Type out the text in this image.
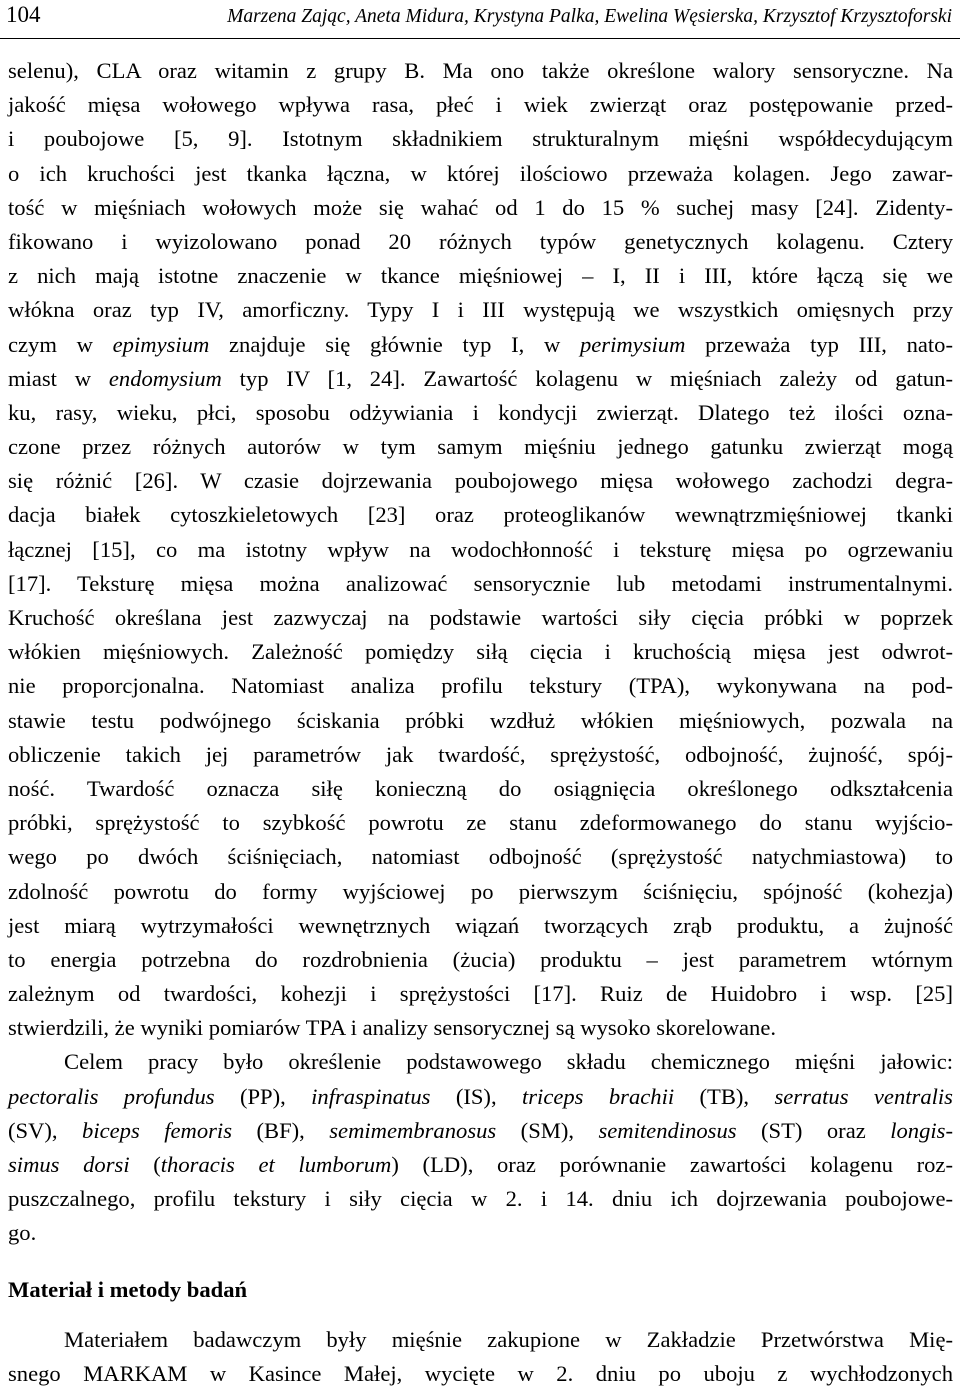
104	Marzena Zając, Aneta Midura, Krystyna Palka, Ewelina Węsierska, Krzysztof Krzysztoforski
selenu), CLA oraz witamin z grupy B. Ma ono także określone walory sensoryczne. Na
jakość mięsa wołowego wpływa rasa, płeć i wiek zwierząt oraz postępowanie przed-
i poubojowe [5, 9]. Istotnym składnikiem strukturalnym mięśni współdecydującym
o ich kruchości jest tkanka łączna, w której ilościowo przeważa kolagen. Jego zawar-
tość w mięśniach wołowych może się wahać od 1 do 15 % suchej masy [24]. Zidenty-
fikowano i wyizolowano ponad 20 różnych typów genetycznych kolagenu. Cztery
z nich mają istotne znaczenie w tkance mięśniowej – I, II i III, które łączą się we
włókna oraz typ IV, amorficzny. Typy I i III występują we wszystkich omięsnych przy
czym w epimysium znajduje się głównie typ I, w perimysium przeważa typ III, nato-
miast w endomysium typ IV [1, 24]. Zawartość kolagenu w mięśniach zależy od gatun-
ku, rasy, wieku, płci, sposobu odżywiania i kondycji zwierząt. Dlatego też ilości ozna-
czone przez różnych autorów w tym samym mięśniu jednego gatunku zwierząt mogą
się różnić [26]. W czasie dojrzewania poubojowego mięsa wołowego zachodzi degra-
dacja białek cytoszkieletowych [23] oraz proteoglikanów wewnątrzmięśniowej tkanki
łącznej [15], co ma istotny wpływ na wodochłonność i teksturę mięsa po ogrzewaniu
[17]. Teksturę mięsa można analizować sensorycznie lub metodami instrumentalnymi.
Kruchość określana jest zazwyczaj na podstawie wartości siły cięcia próbki w poprzek
włókien mięśniowych. Zależność pomiędzy siłą cięcia i kruchością mięsa jest odwrot-
nie proporcjonalna. Natomiast analiza profilu tekstury (TPA), wykonywana na pod-
stawie testu podwójnego ściskania próbki wzdłuż włókien mięśniowych, pozwala na
obliczenie takich jej parametrów jak twardość, sprężystość, odbojność, żujność, spój-
ność. Twardość oznacza siłę konieczną do osiągnięcia określonego odkształcenia
próbki, sprężystość to szybkość powrotu ze stanu zdeformowanego do stanu wyjścio-
wego po dwóch ściśnięciach, natomiast odbojność (sprężystość natychmiastowa) to
zdolność powrotu do formy wyjściowej po pierwszym ściśnięciu, spójność (kohezja)
jest miarą wytrzymałości wewnętrznych wiązań tworzących zrąb produktu, a żujność
to energia potrzebna do rozdrobnienia (żucia) produktu – jest parametrem wtórnym
zależnym od twardości, kohezji i sprężystości [17]. Ruiz de Huidobro i wsp. [25]
stwierdzili, że wyniki pomiarów TPA i analizy sensorycznej są wysoko skorelowane.
Celem pracy było określenie podstawowego składu chemicznego mięśni jałowic:
pectoralis profundus (PP), infraspinatus (IS), triceps brachii (TB), serratus ventralis
(SV), biceps femoris (BF), semimembranosus (SM), semitendinosus (ST) oraz longis-
simus dorsi (thoracis et lumborum) (LD), oraz porównanie zawartości kolagenu roz-
puszczalnego, profilu tekstury i siły cięcia w 2. i 14. dniu ich dojrzewania poubojowe-
go.
Materiał i metody badań
Materiałem badawczym były mięśnie zakupione w Zakładzie Przetwórstwa Mię-
snego MARKAM w Kasince Małej, wycięte w 2. dniu po uboju z wychłodzonych
